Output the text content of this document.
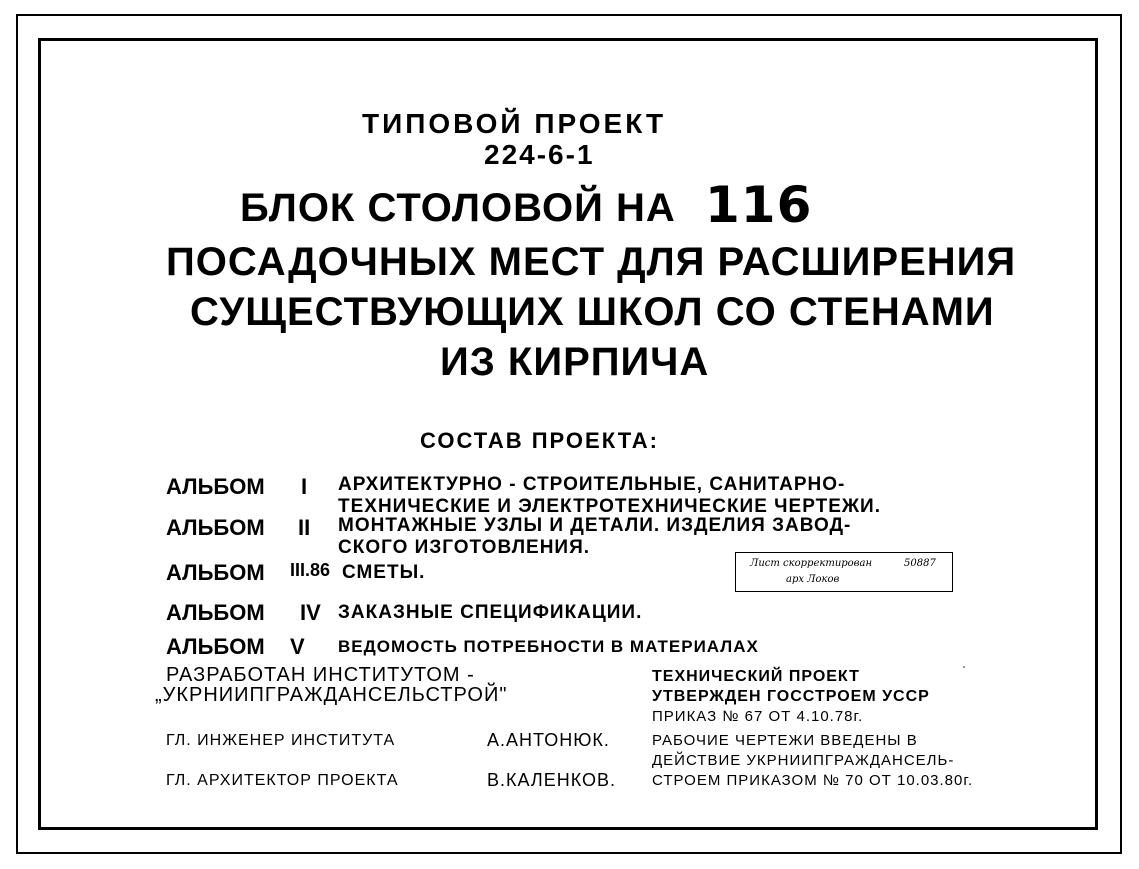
ТИПОВОЙ ПРОЕКТ
224-6-1
БЛОК СТОЛОВОЙ НА 116
ПОСАДОЧНЫХ МЕСТ ДЛЯ РАСШИРЕНИЯ
СУЩЕСТВУЮЩИХ ШКОЛ СО СТЕНАМИ
ИЗ КИРПИЧА
СОСТАВ ПРОЕКТА:
АЛЬБОМ I АРХИТЕКТУРНО - СТРОИТЕЛЬНЫЕ, САНИТАРНО-
ТЕХНИЧЕСКИЕ И ЭЛЕКТРОТЕХНИЧЕСКИЕ ЧЕРТЕЖИ.
АЛЬБОМ II МОНТАЖНЫЕ УЗЛЫ И ДЕТАЛИ. ИЗДЕЛИЯ ЗАВОД-
СКОГО ИЗГОТОВЛЕНИЯ.
АЛЬБОМ III.86 СМЕТЫ.	Лист скорректирован	50887
арх Локов
АЛЬБОМ IV ЗАКАЗНЫЕ СПЕЦИФИКАЦИИ.
АЛЬБОМ V ВЕДОМОСТЬ ПОТРЕБНОСТИ В МАТЕРИАЛАХ
РАЗРАБОТАН ИНСТИТУТОМ -
„УКРНИИПГРАЖДАНСЕЛЬСТРОЙ"
ГЛ. ИНЖЕНЕР ИНСТИТУТА	А.АНТОНЮК.
ГЛ. АРХИТЕКТОР ПРОЕКТА	В.КАЛЕНКОВ.
ТЕХНИЧЕСКИЙ ПРОЕКТ
УТВЕРЖДЕН ГОССТРОЕМ УССР
ПРИКАЗ № 67 ОТ 4.10.78г.
РАБОЧИЕ ЧЕРТЕЖИ ВВЕДЕНЫ В
ДЕЙСТВИЕ УКРНИИПГРАЖДАНСЕЛЬ-
СТРОЕМ ПРИКАЗОМ № 70 ОТ 10.03.80г.
